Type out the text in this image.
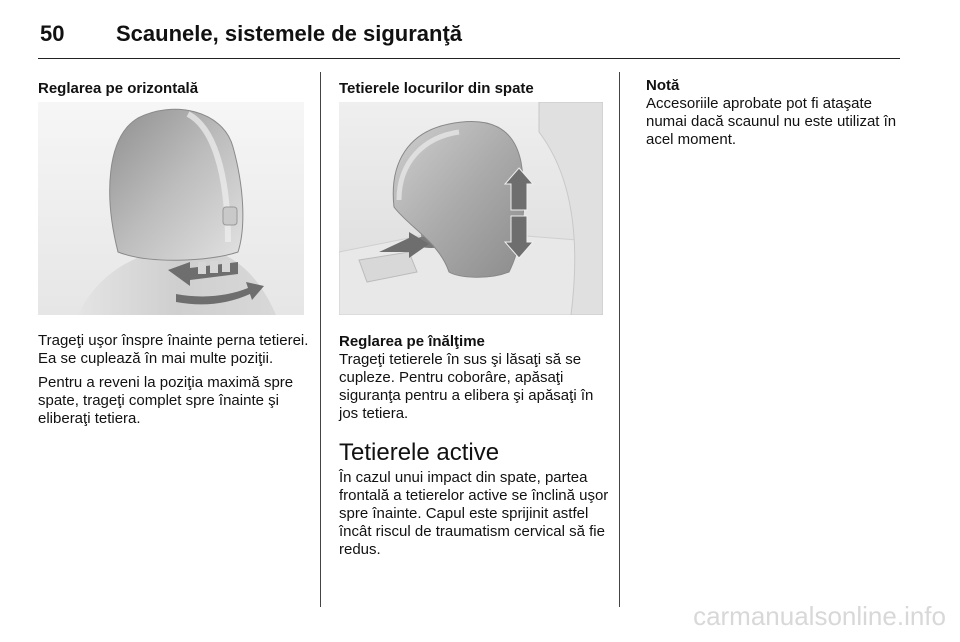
50 Scaunele, sistemele de siguranţă
Reglarea pe orizontală

Trageţi uşor înspre înainte perna tetierei. Ea se cuplează în mai multe poziţii.

Pentru a reveni la poziţia maximă spre spate, trageţi complet spre înainte şi eliberaţi tetiera.

Tetierele locurilor din spate
Reglarea pe înălţime

Trageţi tetierele în sus şi lăsaţi să se cupleze. Pentru coborâre, apăsaţi siguranţa pentru a elibera şi apăsaţi în jos tetiera.

Tetierele active

În cazul unui impact din spate, partea frontală a tetierelor active se înclină uşor spre înainte. Capul este sprijinit astfel încât riscul de traumatism cervical să fie redus.

Notă

Accesoriile aprobate pot fi ataşate numai dacă scaunul nu este utilizat în acel moment.

carmanualsonline.info
